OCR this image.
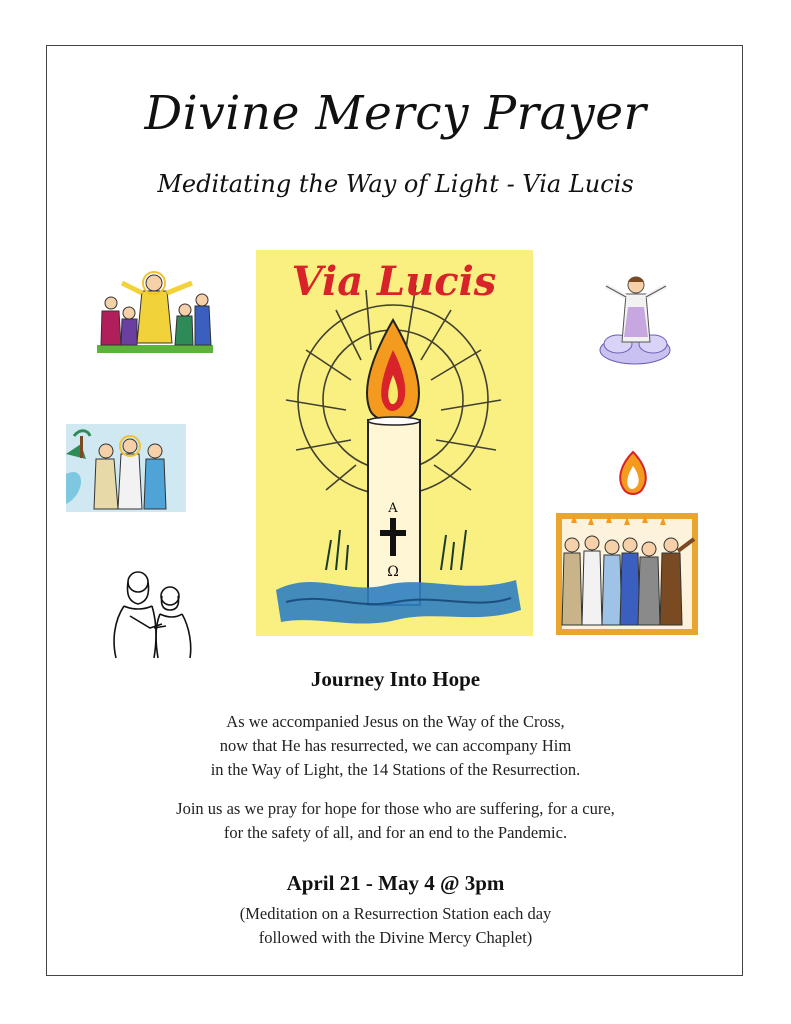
Divine Mercy Prayer
Meditating the Way of Light - Via Lucis
A
Ω
Via Lucis
Journey Into Hope
As we accompanied Jesus on the Way of the Cross,
now that He has resurrected, we can accompany Him
in the Way of Light, the 14 Stations of the Resurrection.
Join us as we pray for hope for those who are suffering, for a cure,
for the safety of all, and for an end to the Pandemic.
April 21 - May 4 @ 3pm
(Meditation on a Resurrection Station each day
followed with the Divine Mercy Chaplet)
